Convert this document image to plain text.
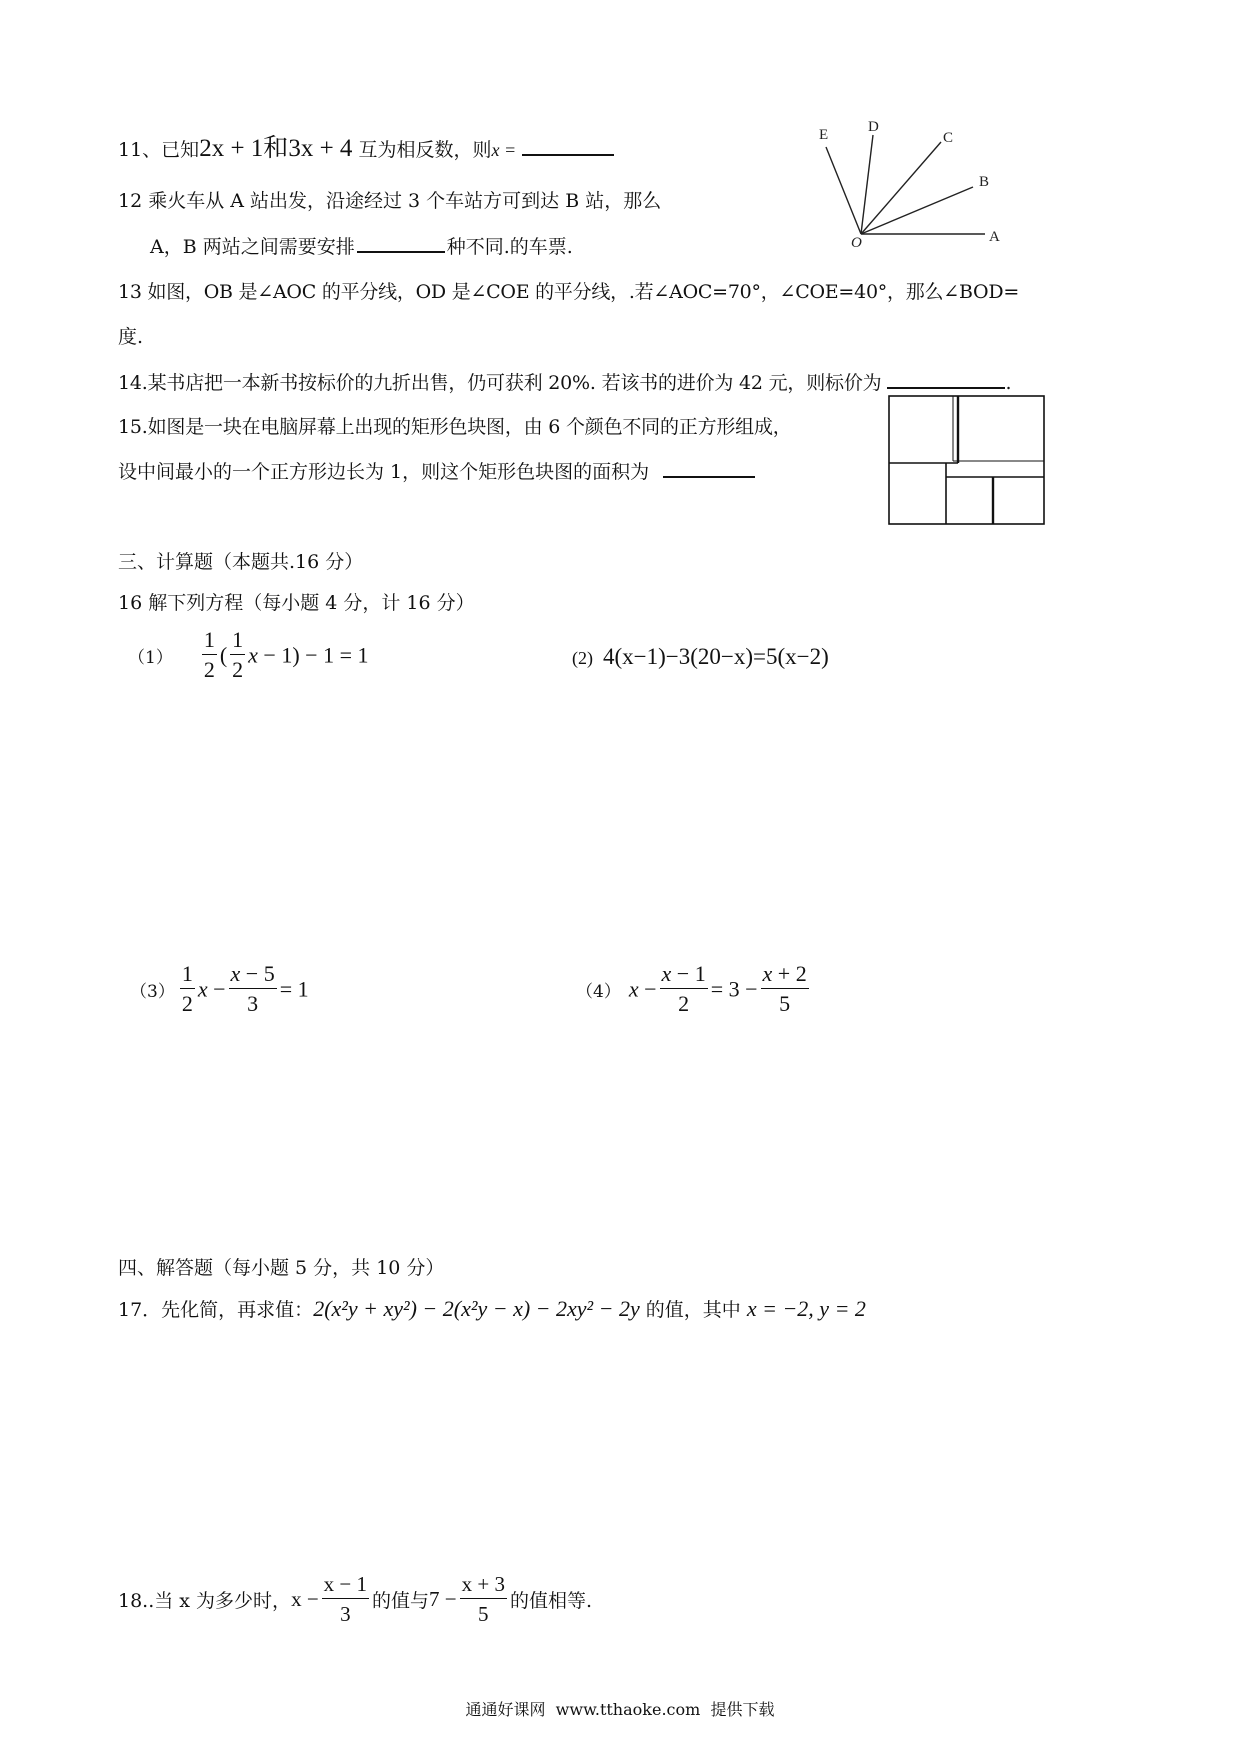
11、已知2x + 1和3x + 4 互为相反数，则x =
E	D
C
B
A
O
12 乘火车从 A 站出发，沿途经过 3 个车站方可到达 B 站，那么
A，B 两站之间需要安排	种不同.的车票.
13 如图，OB 是∠AOC 的平分线，OD 是∠COE 的平分线，.若∠AOC=70°，∠COE=40°，那么∠BOD=
度.
14.某书店把一本新书按标价的九折出售，仍可获利 20%. 若该书的进价为 42 元，则标价为	.
15.如图是一块在电脑屏幕上出现的矩形色块图，由 6 个颜色不同的正方形组成，
设中间最小的一个正方形边长为 1，则这个矩形色块图的面积为
三、计算题（本题共.16 分）
16 解下列方程（每小题 4 分，计 16 分）
$(1) \frac{1}{2}$ ( $\frac{1}{2}$ x − 1) − 1 = 1	(2) 4(x−1)−3(20−x)=5(x−2)
$(3) \frac{1}{2}$ $x - \frac{x - 5}{3} = 1$	（4） $x - \frac{x - 1}{2} = 3 - \frac{x + 2}{5}$
四、解答题（每小题 5 分，共 10 分）
17．先化简，再求值：2(x²y + xy²) − 2(x²y − x) − 2xy² − 2y 的值，其中 x = −2, y = 2
18..当 x 为多少时，$x - \frac{x - 1}{3}$ 的值与$7 - \frac{x + 3}{5}$ 的值相等.
通通好课网  www.tthaoke.com  提供下载
